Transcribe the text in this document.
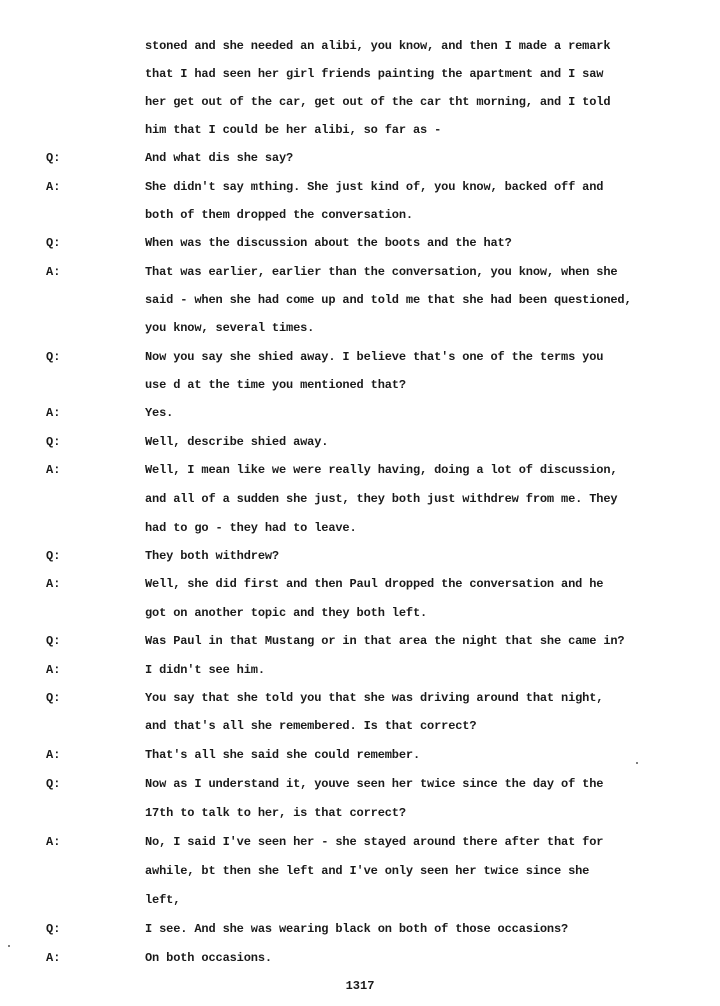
stoned and she needed an alibi, you know, and then I made a remark
that I had seen her girl friends painting the apartment and I saw
her get out of the car, get out of the car tht morning, and I told
him that I could be her alibi, so far as -
Q:	And what dis she say?
A:	She didn't say mthing. She just kind of, you know, backed off and
both of them dropped the conversation.
Q:	When was the discussion about the boots and the hat?
A:	That was earlier, earlier than the conversation, you know, when she
said - when she had come up and told me that she had been questioned,
you know, several times.
Q:	Now you say she shied away. I believe that's one of the terms you
use d at the time you mentioned that?
A:	Yes.
Q:	Well, describe shied away.
A:	Well, I mean like we were really having, doing a lot of discussion,
and all of a sudden she just, they both just withdrew from me. They
had to go - they had to leave.
Q:	They both withdrew?
A:	Well, she did first and then Paul dropped the conversation and he
got on another topic and they both left.
Q:	Was Paul in that Mustang or in that area the night that she came in?
A:	I didn't see him.
Q:	You say that she told you that she was driving around that night,
and that's all she remembered. Is that correct?
A:	That's all she said she could remember.
Q:	Now as I understand it, youve seen her twice since the day of the
17th to talk to her, is that correct?
A:	No, I said I've seen her - she stayed around there after that for
awhile, bt then she left and I've only seen her twice since she
left,
Q:	I see. And she was wearing black on both of those occasions?
A:	On both occasions.
1317
